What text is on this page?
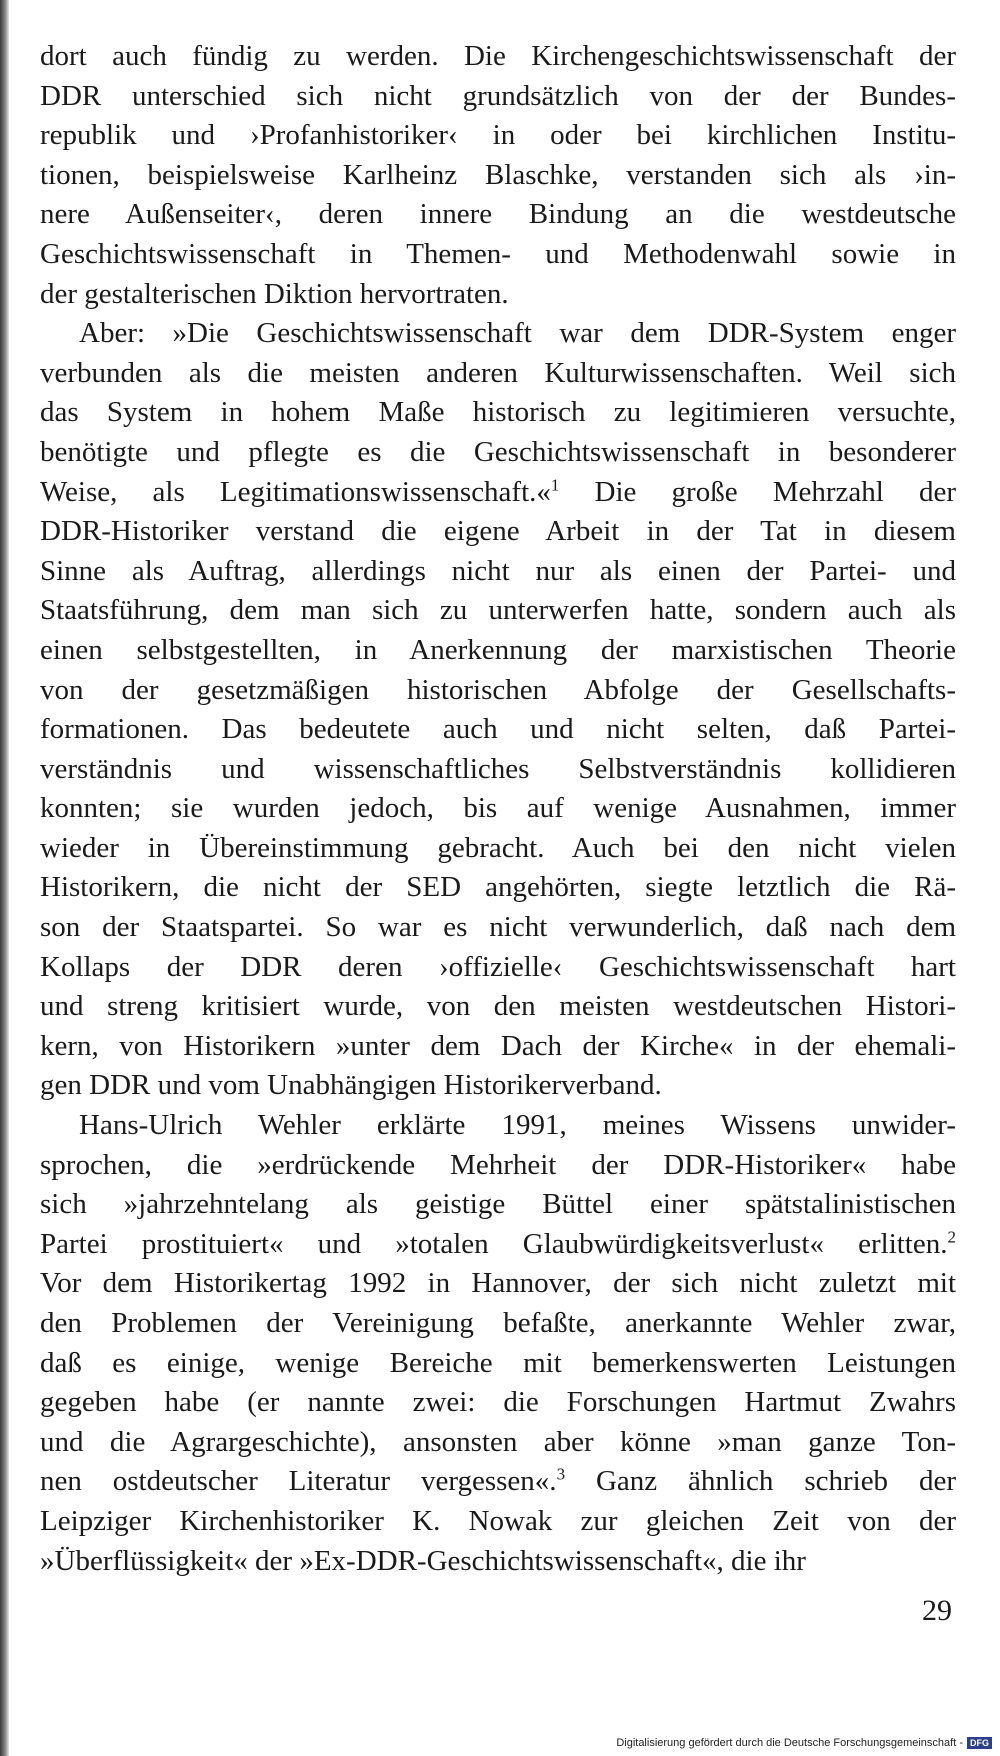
dort auch fündig zu werden. Die Kirchengeschichtswissenschaft der
DDR unterschied sich nicht grundsätzlich von der der Bundes-
republik und ›Profanhistoriker‹ in oder bei kirchlichen Institu-
tionen, beispielsweise Karlheinz Blaschke, verstanden sich als ›in-
nere Außenseiter‹, deren innere Bindung an die westdeutsche
Geschichtswissenschaft in Themen- und Methodenwahl sowie in
der gestalterischen Diktion hervortraten.

Aber: »Die Geschichtswissenschaft war dem DDR-System enger
verbunden als die meisten anderen Kulturwissenschaften. Weil sich
das System in hohem Maße historisch zu legitimieren versuchte,
benötigte und pflegte es die Geschichtswissenschaft in besonderer
Weise, als Legitimationswissenschaft.«$^1$ Die große Mehrzahl der
DDR-Historiker verstand die eigene Arbeit in der Tat in diesem
Sinne als Auftrag, allerdings nicht nur als einen der Partei- und
Staatsführung, dem man sich zu unterwerfen hatte, sondern auch als
einen selbstgestellten, in Anerkennung der marxistischen Theorie
von der gesetzmäßigen historischen Abfolge der Gesellschafts-
formationen. Das bedeutete auch und nicht selten, daß Partei-
verständnis und wissenschaftliches Selbstverständnis kollidieren
konnten; sie wurden jedoch, bis auf wenige Ausnahmen, immer
wieder in Übereinstimmung gebracht. Auch bei den nicht vielen
Historikern, die nicht der SED angehörten, siegte letztlich die Rä-
son der Staatspartei. So war es nicht verwunderlich, daß nach dem
Kollaps der DDR deren ›offizielle‹ Geschichtswissenschaft hart
und streng kritisiert wurde, von den meisten westdeutschen Histori-
kern, von Historikern »unter dem Dach der Kirche« in der ehemali-
gen DDR und vom Unabhängigen Historikerverband.

Hans-Ulrich Wehler erklärte 1991, meines Wissens unwider-
sprochen, die »erdrückende Mehrheit der DDR-Historiker« habe
sich »jahrzehntelang als geistige Büttel einer spätstalinistischen
Partei prostituiert« und »totalen Glaubwürdigkeitsverlust« erlitten.$^2$
Vor dem Historikertag 1992 in Hannover, der sich nicht zuletzt mit
den Problemen der Vereinigung befaßte, anerkannte Wehler zwar,
daß es einige, wenige Bereiche mit bemerkenswerten Leistungen
gegeben habe (er nannte zwei: die Forschungen Hartmut Zwahrs
und die Agrargeschichte), ansonsten aber könne »man ganze Ton-
nen ostdeutscher Literatur vergessen«.$^3$ Ganz ähnlich schrieb der
Leipziger Kirchenhistoriker K. Nowak zur gleichen Zeit von der
»Überflüssigkeit« der »Ex-DDR-Geschichtswissenschaft«, die ihr

29
Digitalisierung gefördert durch die Deutsche Forschungsgemeinschaft - DFG
